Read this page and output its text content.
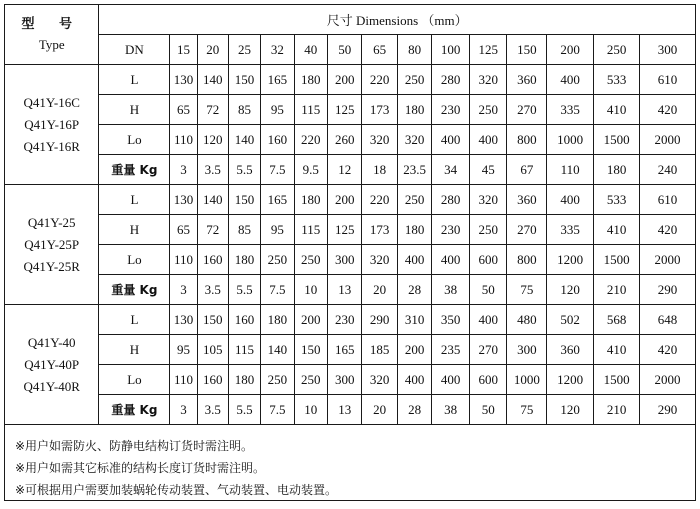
型 号
Type	尺寸 Dimensions （mm）														
	DN	15	20	25	32	40	50	65	80	100	125	150	200	250	300

Q41Y-16C
Q41Y-16P
Q41Y-16R	L	130	140	150	165	180	200	220	250	280	320	360	400	533	610
	H	65	72	85	95	115	125	173	180	230	250	270	335	410	420
	Lo	110	120	140	160	220	260	320	320	400	400	800	1000	1500	2000
	重量 Kg	3	3.5	5.5	7.5	9.5	12	18	23.5	34	45	67	110	180	240

Q41Y-25
Q41Y-25P
Q41Y-25R	L	130	140	150	165	180	200	220	250	280	320	360	400	533	610
	H	65	72	85	95	115	125	173	180	230	250	270	335	410	420
	Lo	110	160	180	250	250	300	320	400	400	600	800	1200	1500	2000
	重量 Kg	3	3.5	5.5	7.5	10	13	20	28	38	50	75	120	210	290

Q41Y-40
Q41Y-40P
Q41Y-40R	L	130	150	160	180	200	230	290	310	350	400	480	502	568	648
	H	95	105	115	140	150	165	185	200	235	270	300	360	410	420
	Lo	110	160	180	250	250	300	320	400	400	600	1000	1200	1500	2000
	重量 Kg	3	3.5	5.5	7.5	10	13	20	28	38	50	75	120	210	290
※用户如需防火、防静电结构订货时需注明。
※用户如需其它标准的结构长度订货时需注明。
※可根据用户需要加装蜗轮传动装置、气动装置、电动装置。
